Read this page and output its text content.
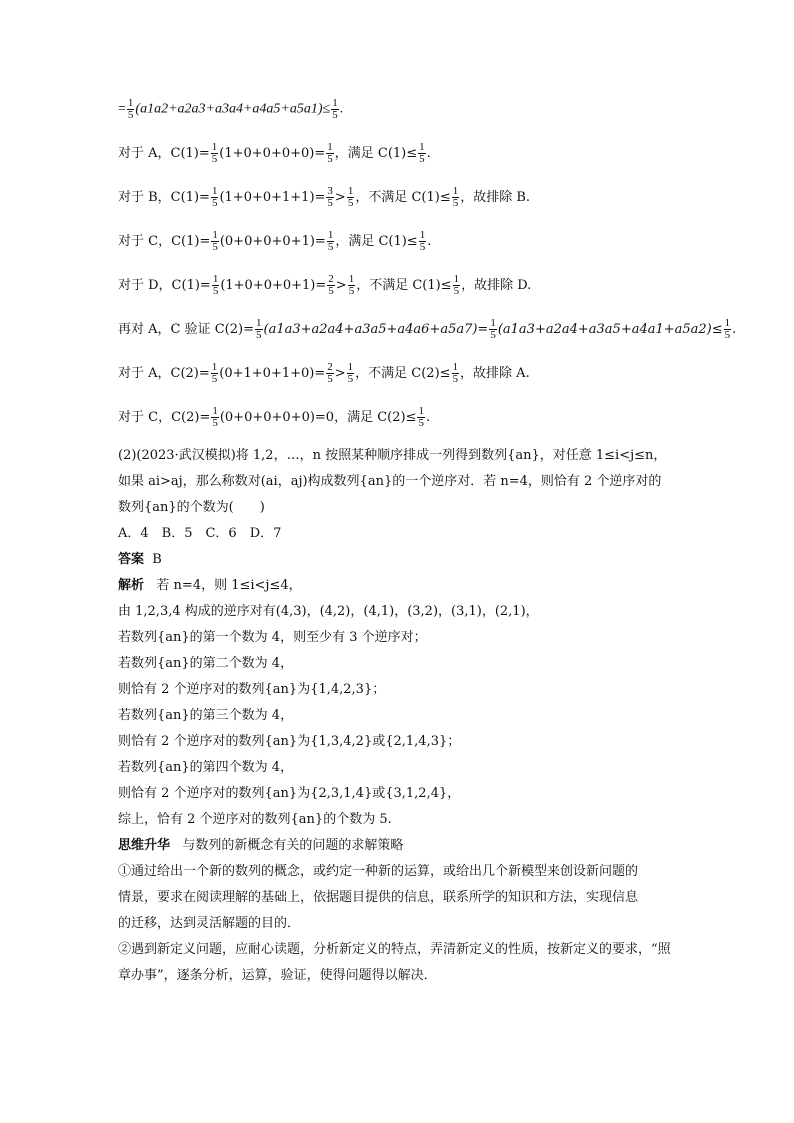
= $\frac{1}{5} (a1a2+a2a3+a3a4+a4a5+a5a1)\le \frac{1}{5}$ .
对于 A，$C(1)= \frac{1}{5} (1+0+0+0+0)= \frac{1}{5}$ ，满足 $C(1)\le \frac{1}{5}$ .
对于 B，$C(1)= \frac{1}{5} (1+0+0+1+1)= \frac{3}{5} > \frac{1}{5}$ ，不满足 $C(1)\le \frac{1}{5}$ ，故排除 B.
对于 C，$C(1)= \frac{1}{5} (0+0+0+0+1)= \frac{1}{5}$ ，满足 $C(1)\le \frac{1}{5}$ .
对于 D，$C(1)= \frac{1}{5} (1+0+0+0+1)= \frac{2}{5} > \frac{1}{5}$ ，不满足 $C(1)\le \frac{1}{5}$ ，故排除 D.
再对 A，C 验证 $C(2)= \frac{1}{5} (a1a3+a2a4+a3a5+a4a6+a5a7)= \frac{1}{5} (a1a3+a2a4+a3a5+a4a1+a5a2)\le \frac{1}{5}$ .
对于 A，$C(2)= \frac{1}{5} (0+1+0+1+0)= \frac{2}{5} > \frac{1}{5}$ ，不满足 $C(2)\le \frac{1}{5}$ ，故排除 A.
对于 C，$C(2)= \frac{1}{5} (0+0+0+0+0)=0$，满足 $C(2)\le \frac{1}{5}$ .
(2)(2023·武汉模拟)将 1,2，…，n 按照某种顺序排成一列得到数列{an}，对任意 1≤i<j≤n，
如果 ai>aj，那么称数对(ai，aj)构成数列{an}的一个逆序对．若 n=4，则恰有 2 个逆序对的
数列{an}的个数为(　　)
A．4　B．5　C．6　D．7
答案 B
解析 若 n=4，则 1≤i<j≤4，
由 1,2,3,4 构成的逆序对有(4,3)，(4,2)，(4,1)，(3,2)，(3,1)，(2,1)，
若数列{an}的第一个数为 4，则至少有 3 个逆序对；
若数列{an}的第二个数为 4，
则恰有 2 个逆序对的数列{an}为{1,4,2,3}；
若数列{an}的第三个数为 4，
则恰有 2 个逆序对的数列{an}为{1,3,4,2}或{2,1,4,3}；
若数列{an}的第四个数为 4，
则恰有 2 个逆序对的数列{an}为{2,3,1,4}或{3,1,2,4}，
综上，恰有 2 个逆序对的数列{an}的个数为 5.
思维升华 与数列的新概念有关的问题的求解策略
①通过给出一个新的数列的概念，或约定一种新的运算，或给出几个新模型来创设新问题的
情景，要求在阅读理解的基础上，依据题目提供的信息，联系所学的知识和方法，实现信息
的迁移，达到灵活解题的目的．
②遇到新定义问题，应耐心读题，分析新定义的特点，弄清新定义的性质，按新定义的要求，“照
章办事”，逐条分析，运算，验证，使得问题得以解决．
